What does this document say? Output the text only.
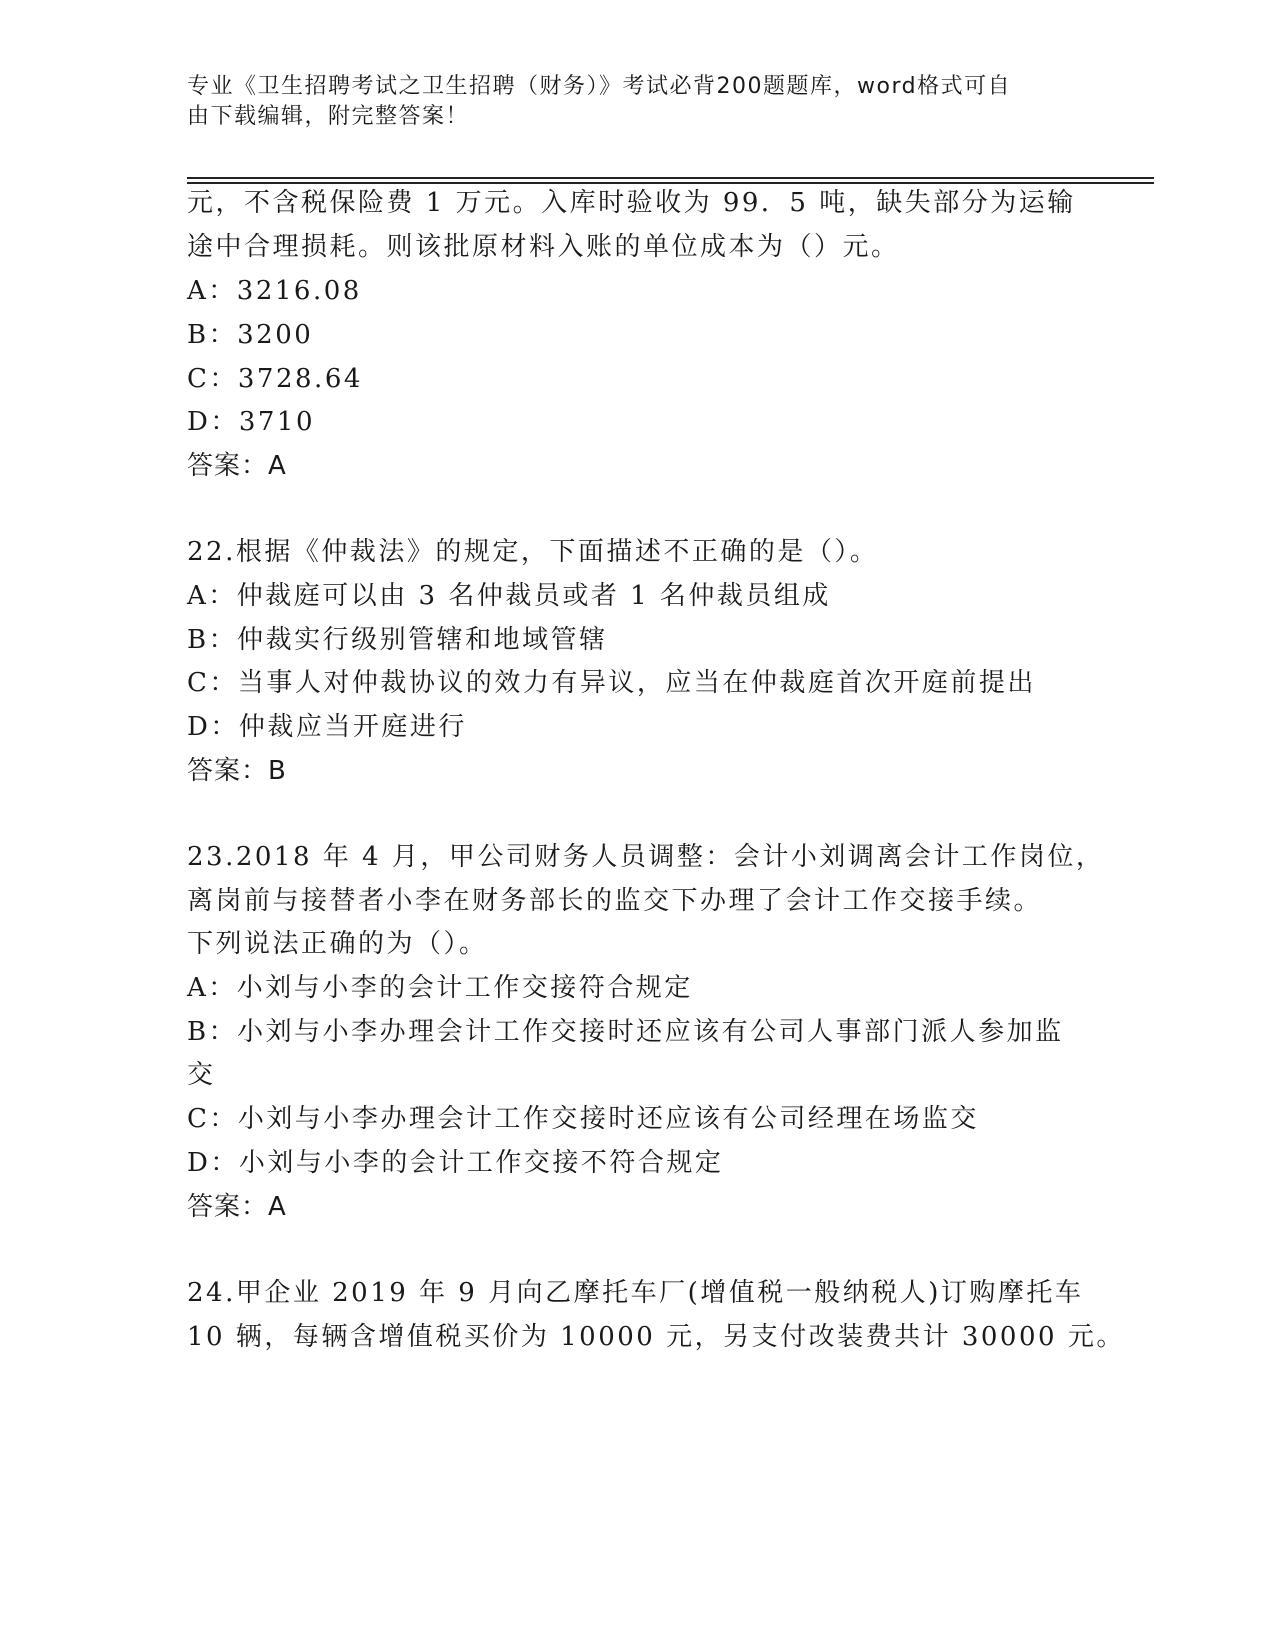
专业《卫生招聘考试之卫生招聘（财务）》考试必背200题题库，word格式可自
由下载编辑，附完整答案！
元，不含税保险费 1 万元。入库时验收为 99．5 吨，缺失部分为运输
途中合理损耗。则该批原材料入账的单位成本为（）元。
A：3216.08
B：3200
C：3728.64
D：3710
答案：A
22.根据《仲裁法》的规定，下面描述不正确的是（）。
A：仲裁庭可以由 3 名仲裁员或者 1 名仲裁员组成
B：仲裁实行级别管辖和地域管辖
C：当事人对仲裁协议的效力有异议，应当在仲裁庭首次开庭前提出
D：仲裁应当开庭进行
答案：B
23.2018 年 4 月，甲公司财务人员调整：会计小刘调离会计工作岗位，
离岗前与接替者小李在财务部长的监交下办理了会计工作交接手续。
下列说法正确的为（）。
A：小刘与小李的会计工作交接符合规定
B：小刘与小李办理会计工作交接时还应该有公司人事部门派人参加监
交
C：小刘与小李办理会计工作交接时还应该有公司经理在场监交
D：小刘与小李的会计工作交接不符合规定
答案：A
24.甲企业 2019 年 9 月向乙摩托车厂(增值税一般纳税人)订购摩托车
10 辆，每辆含增值税买价为 10000 元，另支付改装费共计 30000 元。
